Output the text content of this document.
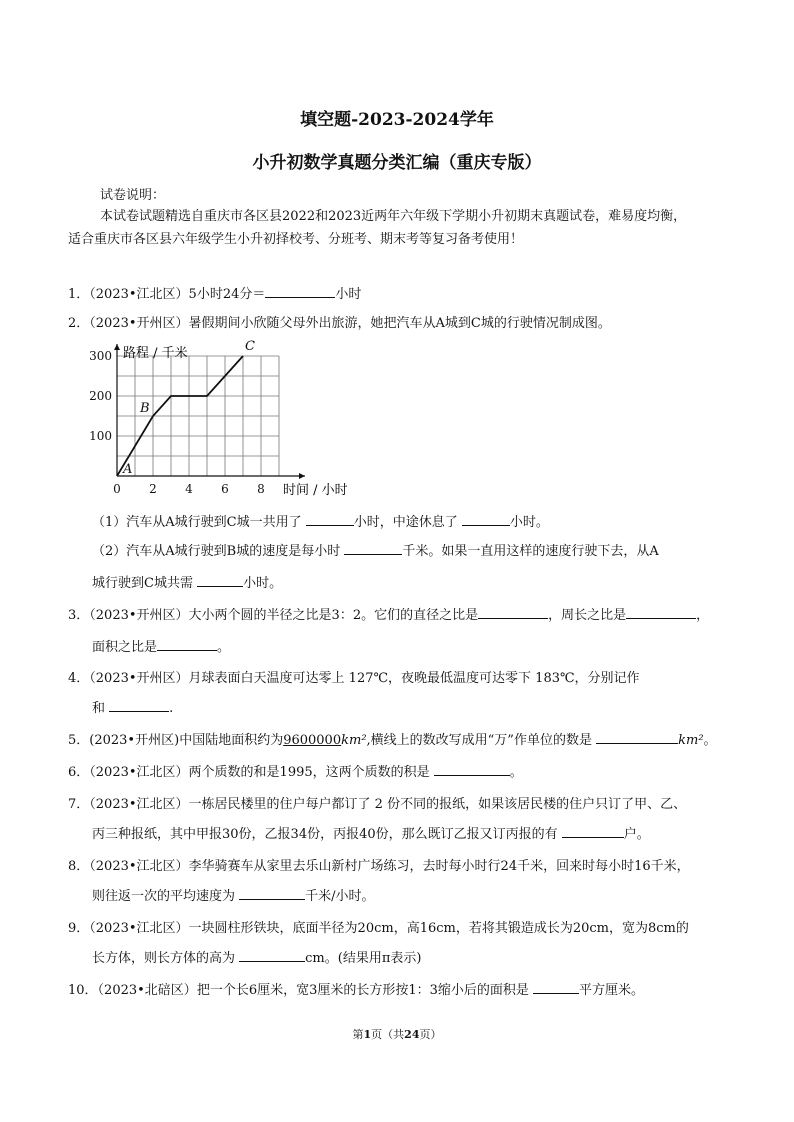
填空题-2023-2024学年
小升初数学真题分类汇编（重庆专版）
试卷说明：
本试卷试题精选自重庆市各区县2022和2023近两年六年级下学期小升初期末真题试卷，难易度均衡，
适合重庆市各区县六年级学生小升初择校考、分班考、期末考等复习备考使用！
1．（2023•江北区）5小时24分＝	小时
2．（2023•开州区）暑假期间小欣随父母外出旅游，她把汽车从A城到C城的行驶情况制成图。
0 2 4 6 8
100
200
300
A
B
C
路程 / 千米
时间 / 小时
（1）汽车从A城行驶到C城一共用了	小时，中途休息了	小时。
（2）汽车从A城行驶到B城的速度是每小时	千米。如果一直用这样的速度行驶下去，从A
城行驶到C城共需	小时。
3．（2023•开州区）大小两个圆的半径之比是3：2。它们的直径之比是	，周长之比是	，
面积之比是	。
4．（2023•开州区）月球表面白天温度可达零上 127℃，夜晚最低温度可达零下 183℃，分别记作
和	.
5．(2023•开州区)中国陆地面积约为9600000km²,横线上的数改写成用“万”作单位的数是	km²。
6．（2023•江北区）两个质数的和是1995，这两个质数的积是	。
7．（2023•江北区）一栋居民楼里的住户每户都订了 2 份不同的报纸，如果该居民楼的住户只订了甲、乙、
丙三种报纸，其中甲报30份，乙报34份，丙报40份，那么既订乙报又订丙报的有	户。
8．（2023•江北区）李华骑赛车从家里去乐山新村广场练习，去时每小时行24千米，回来时每小时16千米，
则往返一次的平均速度为	千米/小时。
9．（2023•江北区）一块圆柱形铁块，底面半径为20cm，高16cm，若将其锻造成长为20cm，宽为8cm的
长方体，则长方体的高为	cm。(结果用π表示)
10．（2023•北碚区）把一个长6厘米，宽3厘米的长方形按1：3缩小后的面积是	平方厘米。
第1页（共24页）
